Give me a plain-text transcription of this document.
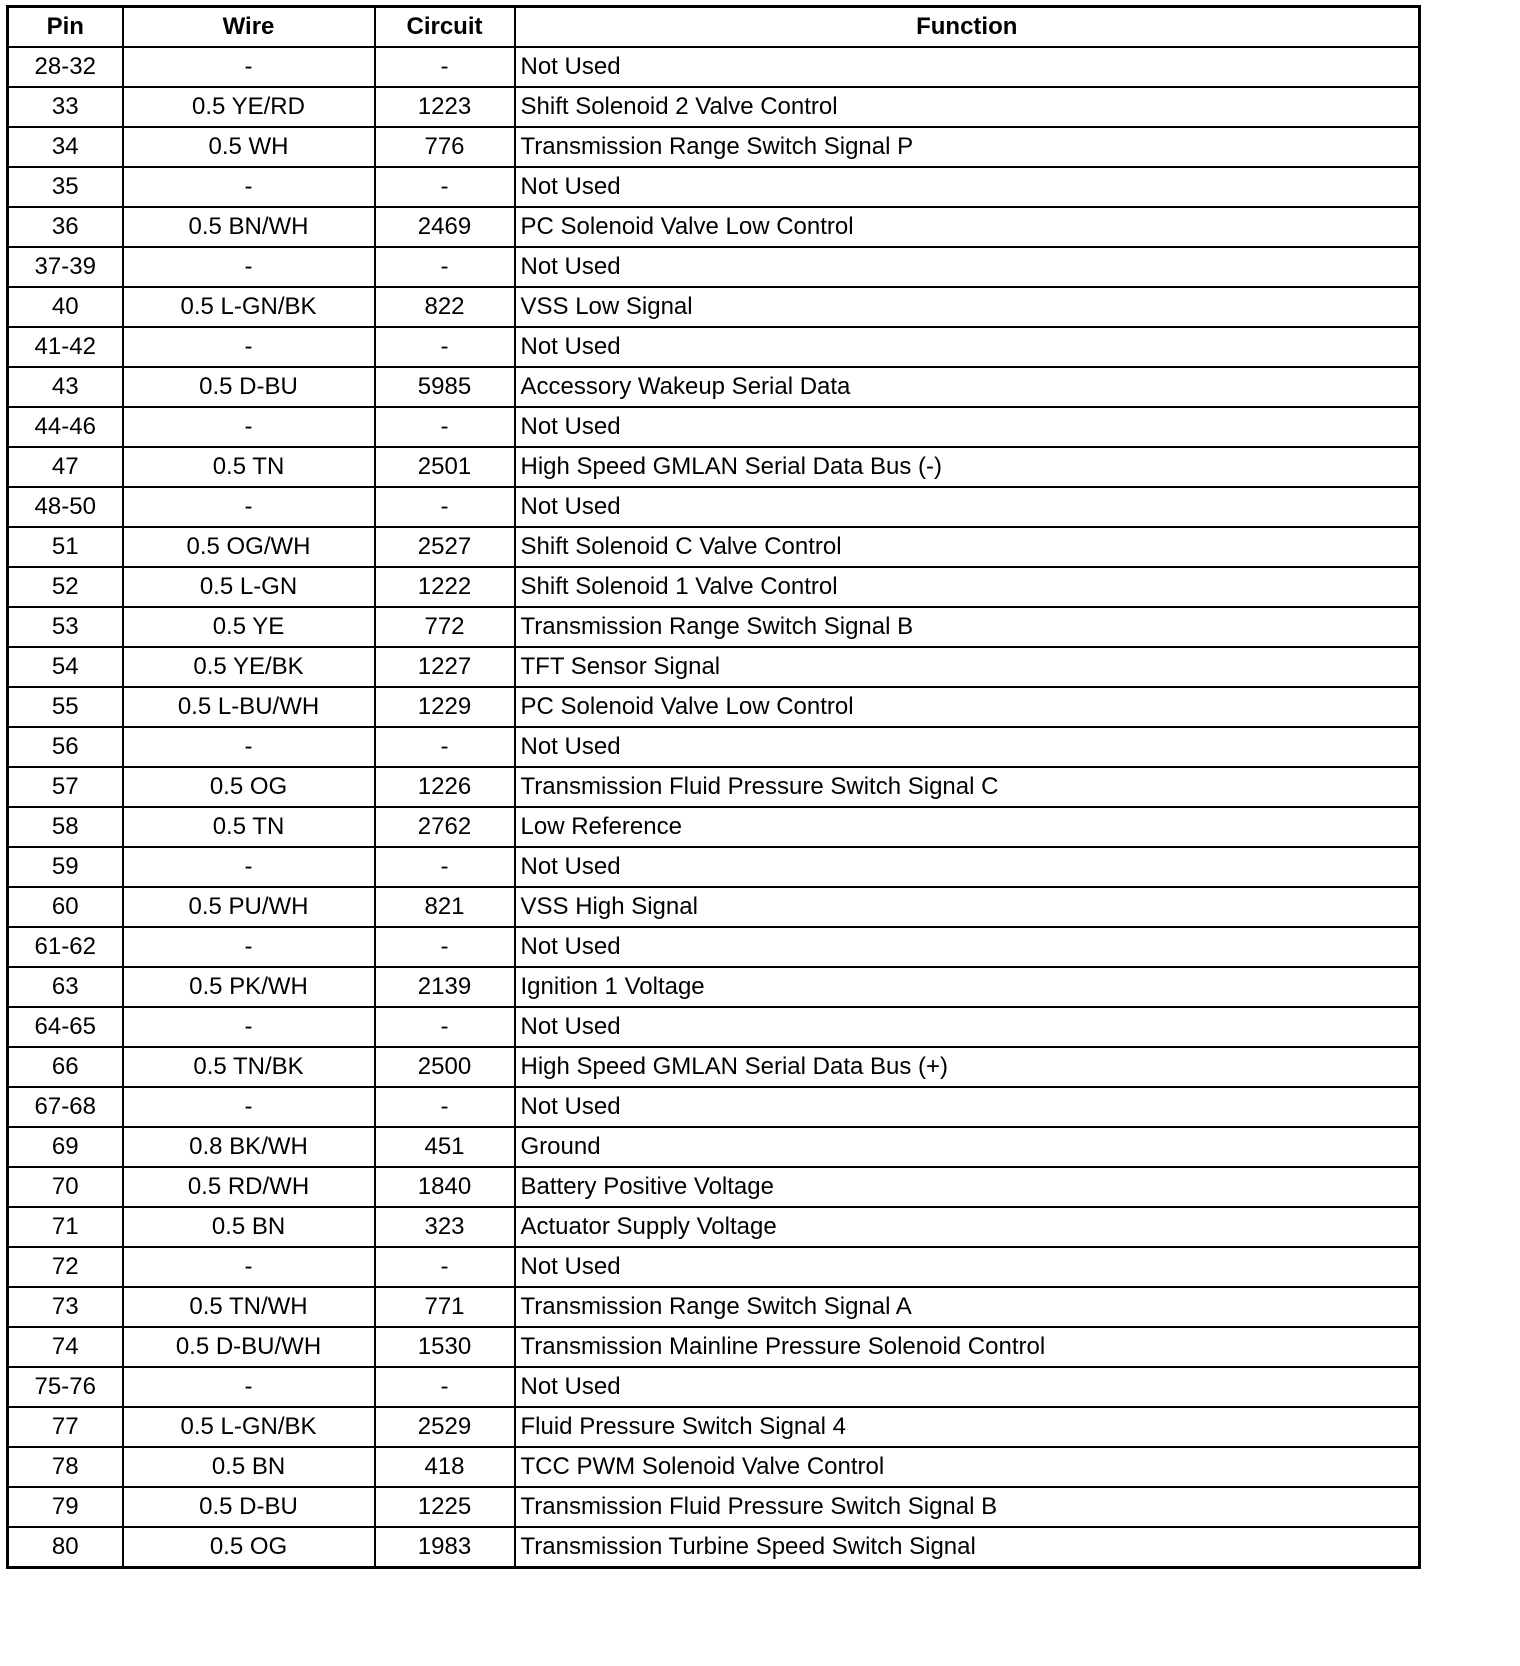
Pin	Wire	Circuit	Function
28-32	-	-	Not Used
33	0.5 YE/RD	1223	Shift Solenoid 2 Valve Control
34	0.5 WH	776	Transmission Range Switch Signal P
35	-	-	Not Used
36	0.5 BN/WH	2469	PC Solenoid Valve Low Control
37-39	-	-	Not Used
40	0.5 L-GN/BK	822	VSS Low Signal
41-42	-	-	Not Used
43	0.5 D-BU	5985	Accessory Wakeup Serial Data
44-46	-	-	Not Used
47	0.5 TN	2501	High Speed GMLAN Serial Data Bus (-)
48-50	-	-	Not Used
51	0.5 OG/WH	2527	Shift Solenoid C Valve Control
52	0.5 L-GN	1222	Shift Solenoid 1 Valve Control
53	0.5 YE	772	Transmission Range Switch Signal B
54	0.5 YE/BK	1227	TFT Sensor Signal
55	0.5 L-BU/WH	1229	PC Solenoid Valve Low Control
56	-	-	Not Used
57	0.5 OG	1226	Transmission Fluid Pressure Switch Signal C
58	0.5 TN	2762	Low Reference
59	-	-	Not Used
60	0.5 PU/WH	821	VSS High Signal
61-62	-	-	Not Used
63	0.5 PK/WH	2139	Ignition 1 Voltage
64-65	-	-	Not Used
66	0.5 TN/BK	2500	High Speed GMLAN Serial Data Bus (+)
67-68	-	-	Not Used
69	0.8 BK/WH	451	Ground
70	0.5 RD/WH	1840	Battery Positive Voltage
71	0.5 BN	323	Actuator Supply Voltage
72	-	-	Not Used
73	0.5 TN/WH	771	Transmission Range Switch Signal A
74	0.5 D-BU/WH	1530	Transmission Mainline Pressure Solenoid Control
75-76	-	-	Not Used
77	0.5 L-GN/BK	2529	Fluid Pressure Switch Signal 4
78	0.5 BN	418	TCC PWM Solenoid Valve Control
79	0.5 D-BU	1225	Transmission Fluid Pressure Switch Signal B
80	0.5 OG	1983	Transmission Turbine Speed Switch Signal
